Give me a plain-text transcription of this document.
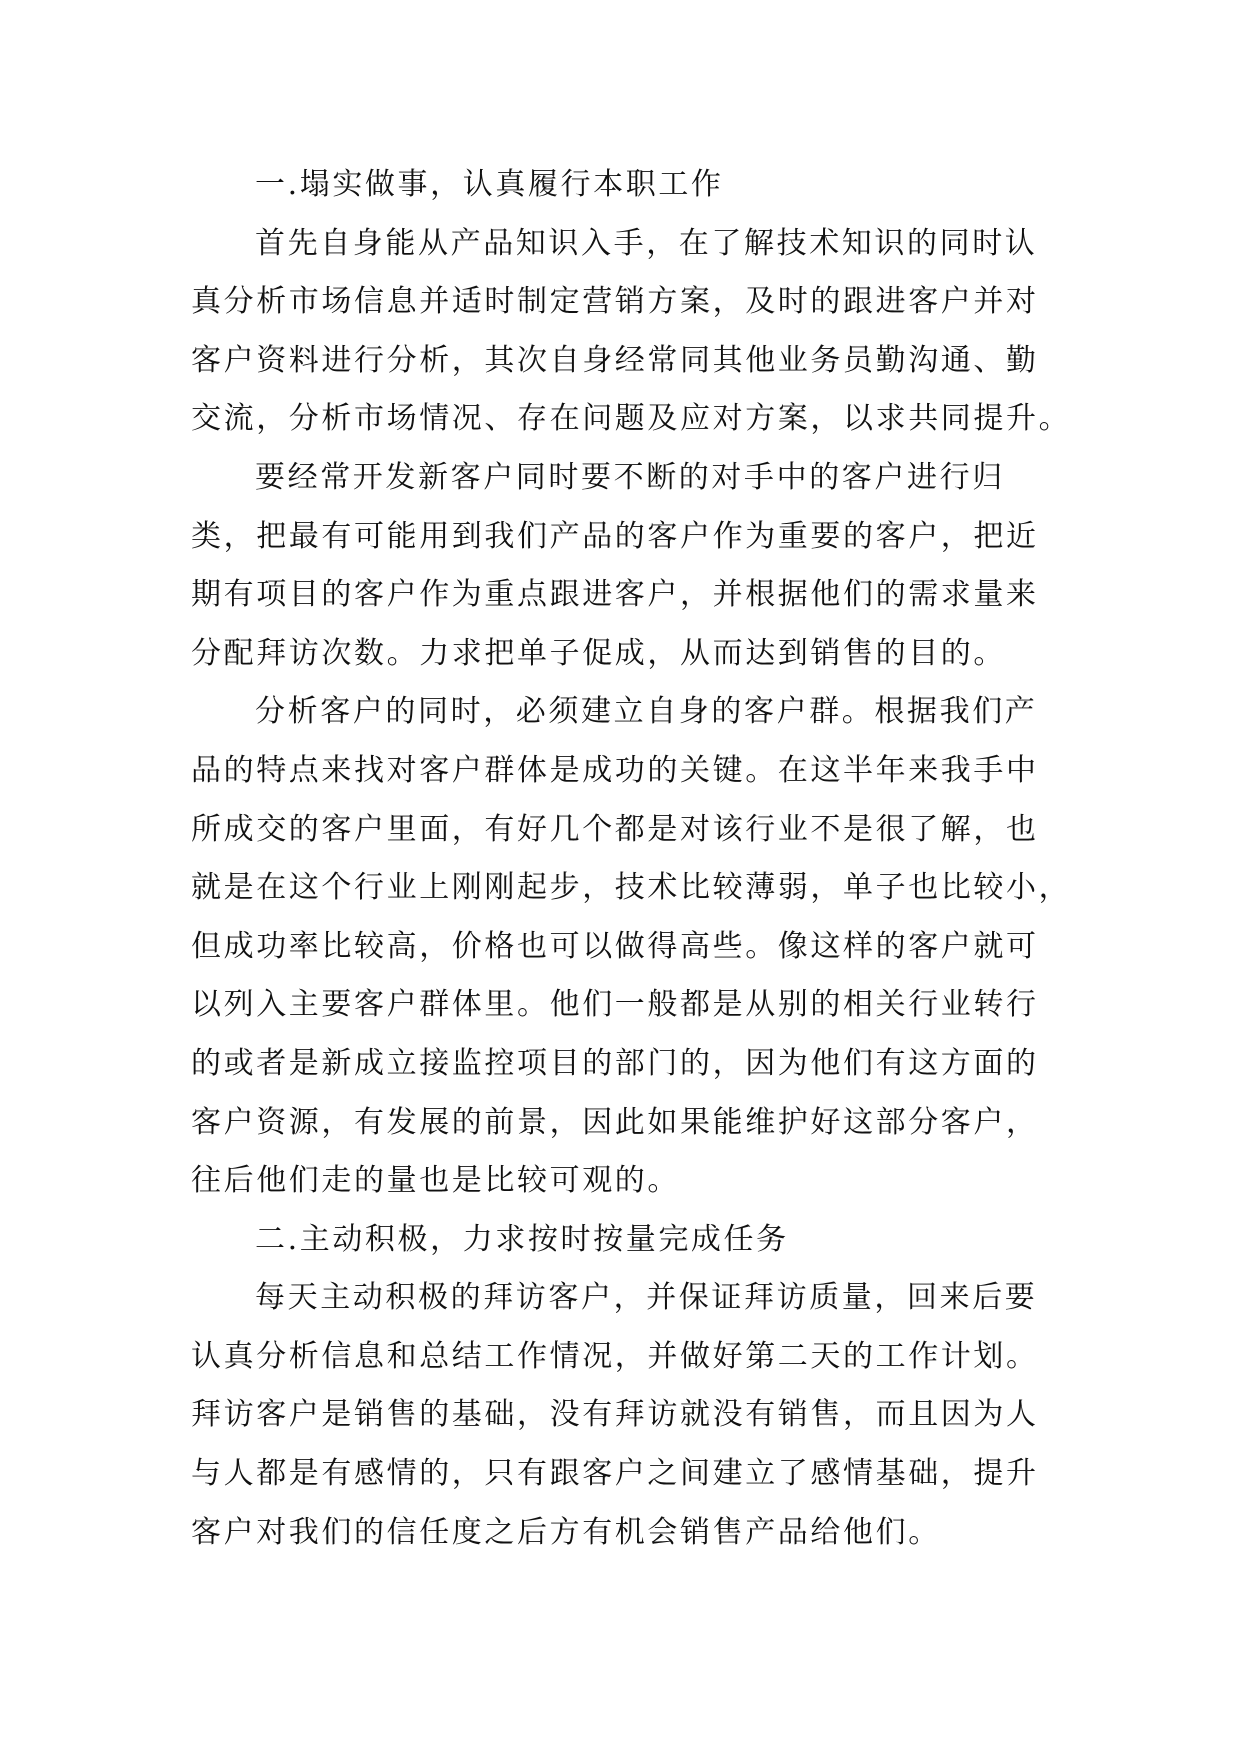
一.塌实做事，认真履行本职工作
首先自身能从产品知识入手，在了解技术知识的同时认
真分析市场信息并适时制定营销方案，及时的跟进客户并对
客户资料进行分析，其次自身经常同其他业务员勤沟通、勤
交流，分析市场情况、存在问题及应对方案，以求共同提升。
要经常开发新客户同时要不断的对手中的客户进行归
类，把最有可能用到我们产品的客户作为重要的客户，把近
期有项目的客户作为重点跟进客户，并根据他们的需求量来
分配拜访次数。力求把单子促成，从而达到销售的目的。
分析客户的同时，必须建立自身的客户群。根据我们产
品的特点来找对客户群体是成功的关键。在这半年来我手中
所成交的客户里面，有好几个都是对该行业不是很了解，也
就是在这个行业上刚刚起步，技术比较薄弱，单子也比较小，
但成功率比较高，价格也可以做得高些。像这样的客户就可
以列入主要客户群体里。他们一般都是从别的相关行业转行
的或者是新成立接监控项目的部门的，因为他们有这方面的
客户资源，有发展的前景，因此如果能维护好这部分客户，
往后他们走的量也是比较可观的。
二.主动积极，力求按时按量完成任务
每天主动积极的拜访客户，并保证拜访质量，回来后要
认真分析信息和总结工作情况，并做好第二天的工作计划。
拜访客户是销售的基础，没有拜访就没有销售，而且因为人
与人都是有感情的，只有跟客户之间建立了感情基础，提升
客户对我们的信任度之后方有机会销售产品给他们。
